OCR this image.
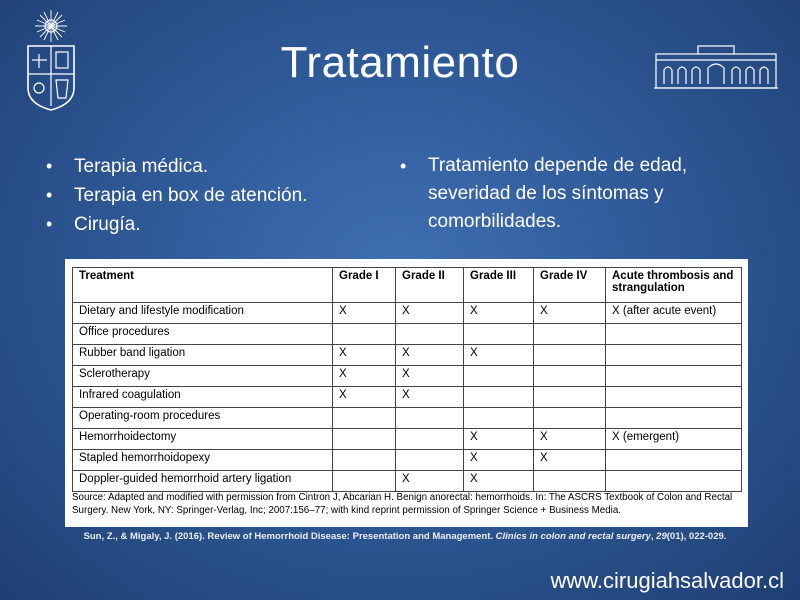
Tratamiento
• Terapia médica.
• Terapia en box de atención.
• Cirugía.
• Tratamiento depende de edad, severidad de los síntomas y comorbilidades.
Treatment	Grade I	Grade II	Grade III	Grade IV	Acute thrombosis and strangulation
Dietary and lifestyle modification	X	X	X	X	X (after acute event)
Office procedures					
Rubber band ligation	X	X	X		
Sclerotherapy	X	X			
Infrared coagulation	X	X			
Operating-room procedures					
Hemorrhoidectomy			X	X	X (emergent)
Stapled hemorrhoidopexy			X	X	
Doppler-guided hemorrhoid artery ligation		X	X		
Source: Adapted and modified with permission from Cintron J, Abcarian H. Benign anorectal: hemorrhoids. In: The ASCRS Textbook of Colon and Rectal Surgery. New York, NY: Springer-Verlag, Inc; 2007:156–77; with kind reprint permission of Springer Science + Business Media.
Sun, Z., & Migaly, J. (2016). Review of Hemorrhoid Disease: Presentation and Management. Clinics in colon and rectal surgery, 29(01), 022-029.
www.cirugiahsalvador.cl
